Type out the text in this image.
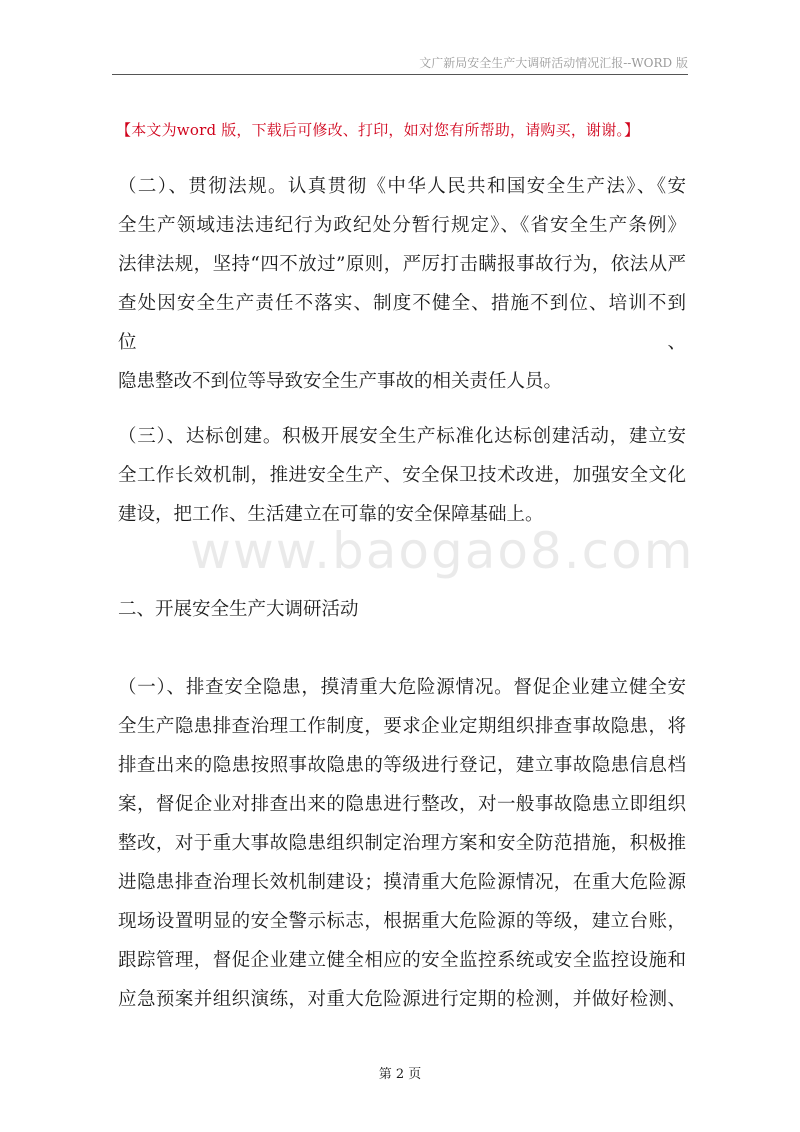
文广新局安全生产大调研活动情况汇报--WORD 版
【本文为word 版，下载后可修改、打印，如对您有所帮助，请购买，谢谢。】
www.baogao8.com

（二）、贯彻法规。认真贯彻《中华人民共和国安全生产法》、《安

全生产领域违法违纪行为政纪处分暂行规定》、《省安全生产条例》

法律法规，坚持“四不放过”原则，严厉打击瞒报事故行为，依法从严

查处因安全生产责任不落实、制度不健全、措施不到位、培训不到位、

隐患整改不到位等导致安全生产事故的相关责任人员。

（三）、达标创建。积极开展安全生产标准化达标创建活动，建立安

全工作长效机制，推进安全生产、安全保卫技术改进，加强安全文化

建设，把工作、生活建立在可靠的安全保障基础上。

二、开展安全生产大调研活动

（一）、排查安全隐患，摸清重大危险源情况。督促企业建立健全安

全生产隐患排查治理工作制度，要求企业定期组织排查事故隐患，将

排查出来的隐患按照事故隐患的等级进行登记，建立事故隐患信息档

案，督促企业对排查出来的隐患进行整改，对一般事故隐患立即组织

整改，对于重大事故隐患组织制定治理方案和安全防范措施，积极推

进隐患排查治理长效机制建设；摸清重大危险源情况，在重大危险源

现场设置明显的安全警示标志，根据重大危险源的等级，建立台账，

跟踪管理，督促企业建立健全相应的安全监控系统或安全监控设施和

应急预案并组织演练，对重大危险源进行定期的检测，并做好检测、

第 2 页
